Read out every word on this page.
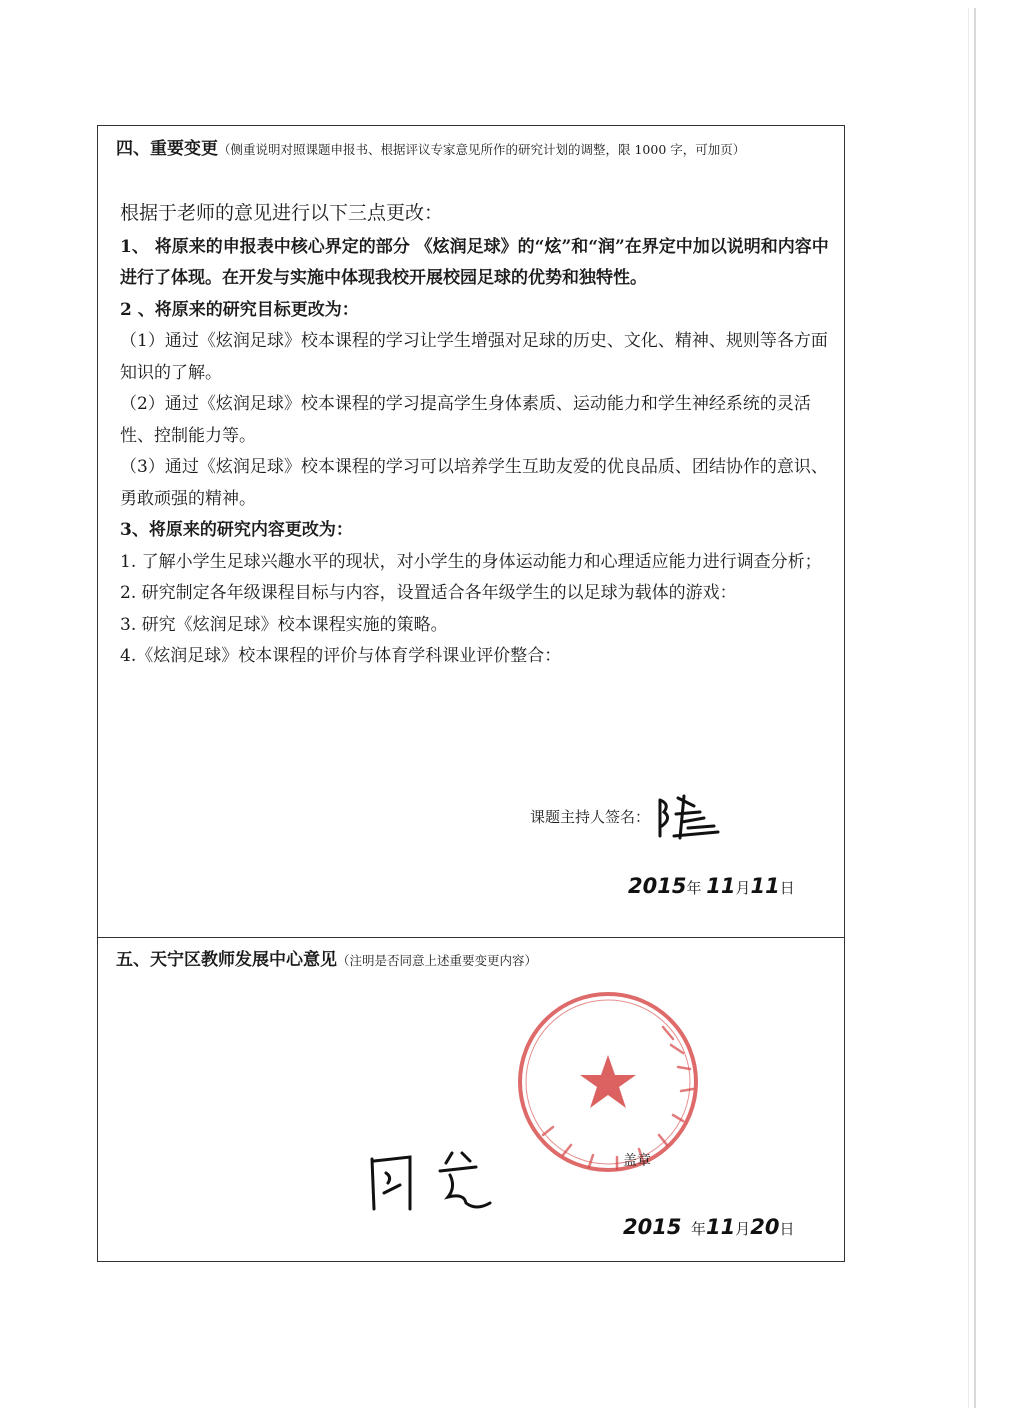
四、重要变更（侧重说明对照课题申报书、根据评议专家意见所作的研究计划的调整，限 1000 字，可加页）

根据于老师的意见进行以下三点更改：

1、 将原来的申报表中核心界定的部分 《炫润足球》的“炫”和“润”在界定中加以说明和内容中进行了体现。在开发与实施中体现我校开展校园足球的优势和独特性。

2 、将原来的研究目标更改为：

（1）通过《炫润足球》校本课程的学习让学生增强对足球的历史、文化、精神、规则等各方面知识的了解。

（2）通过《炫润足球》校本课程的学习提高学生身体素质、运动能力和学生神经系统的灵活性、控制能力等。

（3）通过《炫润足球》校本课程的学习可以培养学生互助友爱的优良品质、团结协作的意识、勇敢顽强的精神。

3、将原来的研究内容更改为：

1. 了解小学生足球兴趣水平的现状，对小学生的身体运动能力和心理适应能力进行调查分析；

2. 研究制定各年级课程目标与内容，设置适合各年级学生的以足球为载体的游戏：

3. 研究《炫润足球》校本课程实施的策略。

4.《炫润足球》校本课程的评价与体育学科课业评价整合：

课题主持人签名：
2015年 11月11日
五、天宁区教师发展中心意见（注明是否同意上述重要变更内容）
盖章
2015 年11月20日
